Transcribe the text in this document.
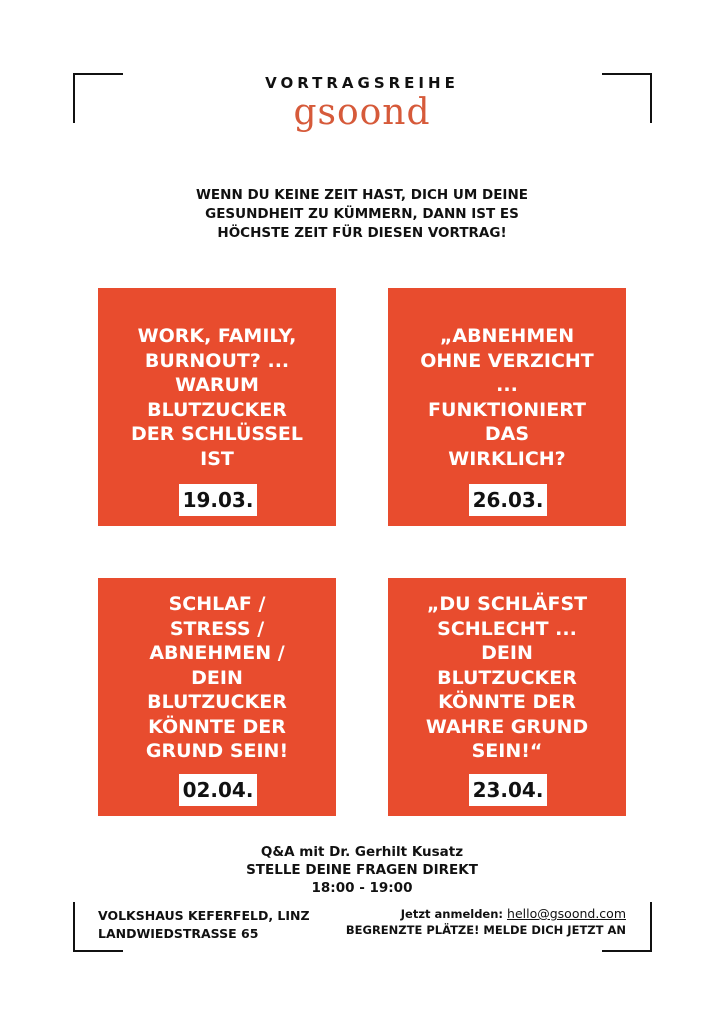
VORTRAGSREIHE
gsoond
WENN DU KEINE ZEIT HAST, DICH UM DEINE
GESUNDHEIT ZU KÜMMERN, DANN IST ES
HÖCHSTE ZEIT FÜR DIESEN VORTRAG!
WORK, FAMILY,
BURNOUT? ...
WARUM
BLUTZUCKER
DER SCHLÜSSEL
IST
19.03.
„ABNEHMEN
OHNE VERZICHT
...
FUNKTIONIERT
DAS
WIRKLICH?
26.03.
SCHLAF /
STRESS /
ABNEHMEN /
DEIN
BLUTZUCKER
KÖNNTE DER
GRUND SEIN!
02.04.
„DU SCHLÄFST
SCHLECHT ...
DEIN
BLUTZUCKER
KÖNNTE DER
WAHRE GRUND
SEIN!“
23.04.
Q&A mit Dr. Gerhilt Kusatz
STELLE DEINE FRAGEN DIREKT
18:00 - 19:00
VOLKSHAUS KEFERFELD, LINZ
LANDWIEDSTRASSE 65
Jetzt anmelden: hello@gsoond.com
BEGRENZTE PLÄTZE! MELDE DICH JETZT AN
